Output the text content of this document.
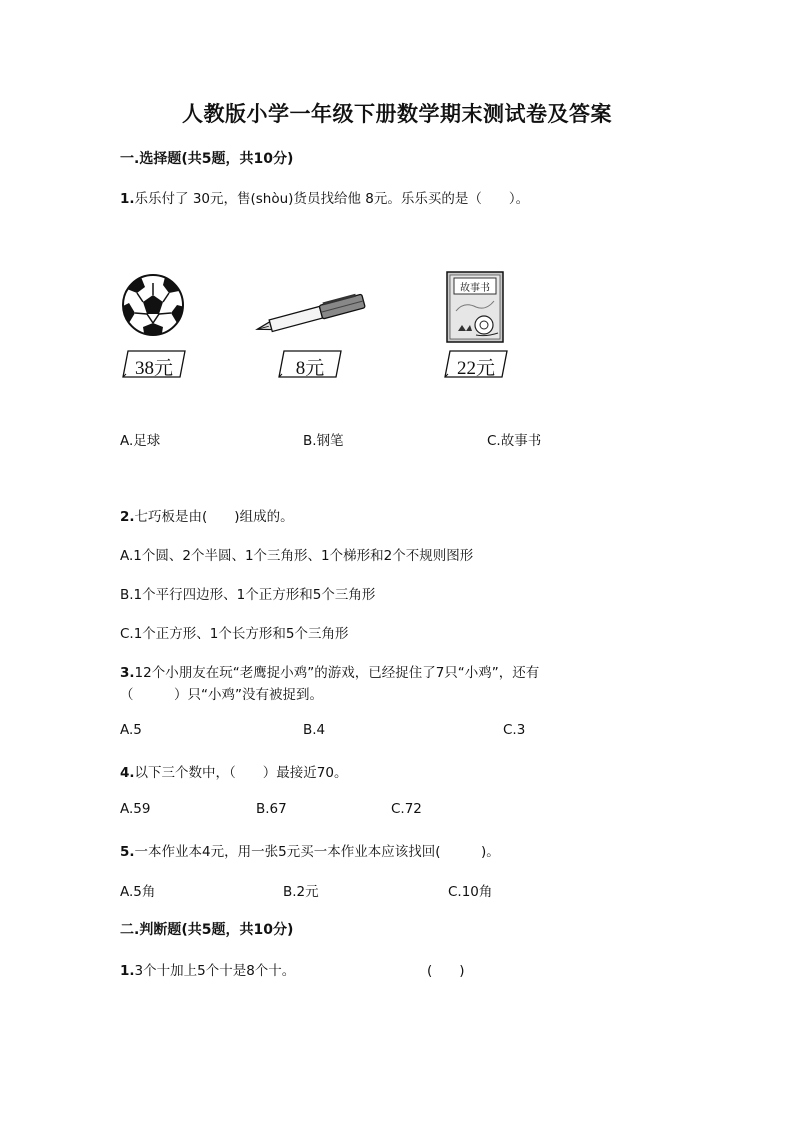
人教版小学一年级下册数学期末测试卷及答案
一.选择题(共5题，共10分)
1.乐乐付了 30元，售(shòu)货员找给他 8元。乐乐买的是（　　）。
故事书
38元	8元	22元
A.足球	B.钢笔	C.故事书
2.七巧板是由(　　)组成的。
A.1个圆、2个半圆、1个三角形、1个梯形和2个不规则图形
B.1个平行四边形、1个正方形和5个三角形
C.1个正方形、1个长方形和5个三角形
3.12个小朋友在玩“老鹰捉小鸡”的游戏，已经捉住了7只“小鸡”，还有
（　　　）只“小鸡”没有被捉到。
A.5	B.4	C.3
4.以下三个数中，（　　）最接近70。
A.59	B.67	C.72
5.一本作业本4元，用一张5元买一本作业本应该找回(　　　)。
A.5角	B.2元	C.10角
二.判断题(共5题，共10分)
1.3个十加上5个十是8个十。	(　　)
